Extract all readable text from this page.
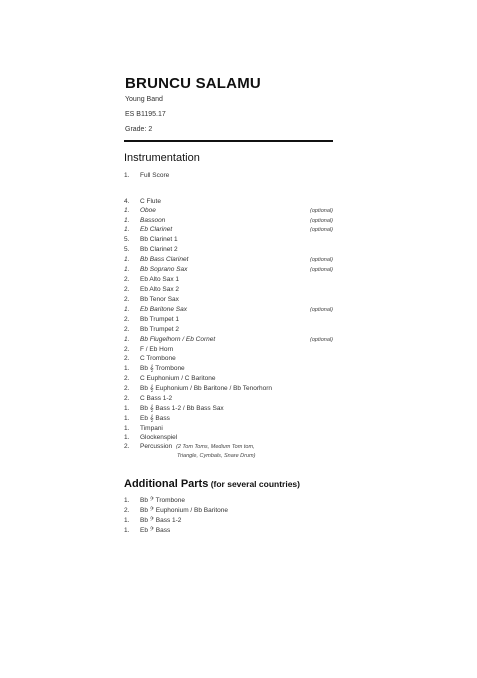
BRUNCU SALAMU
Young Band
ES B1195.17
Grade: 2
Instrumentation
1. Full Score
4. C Flute
1. Oboe	(optional)
1. Bassoon	(optional)
1. Eb Clarinet	(optional)
5. Bb Clarinet 1
5. Bb Clarinet 2
1. Bb Bass Clarinet	(optional)
1. Bb Soprano Sax	(optional)
2. Eb Alto Sax 1
2. Eb Alto Sax 2
2. Bb Tenor Sax
1. Eb Baritone Sax	(optional)
2. Bb Trumpet 1
2. Bb Trumpet 2
1. Bb Flugelhorn / Eb Cornet	(optional)
2. F / Eb Horn
2. C Trombone
1. Bb 𝄞 Trombone
2. C Euphonium / C Baritone
2. Bb 𝄞 Euphonium / Bb Baritone / Bb Tenorhorn
2. C Bass 1-2
1. Bb 𝄞 Bass 1-2 / Bb Bass Sax
1. Eb 𝄞 Bass
1. Timpani
1. Glockenspiel
2. Percussion (2 Tom Toms, Medium Tom tom,
Triangle, Cymbals, Snare Drum)
Additional Parts (for several countries)
1. Bb 𝄢 Trombone
2. Bb 𝄢 Euphonium / Bb Baritone
1. Bb 𝄢 Bass 1-2
1. Eb 𝄢 Bass
